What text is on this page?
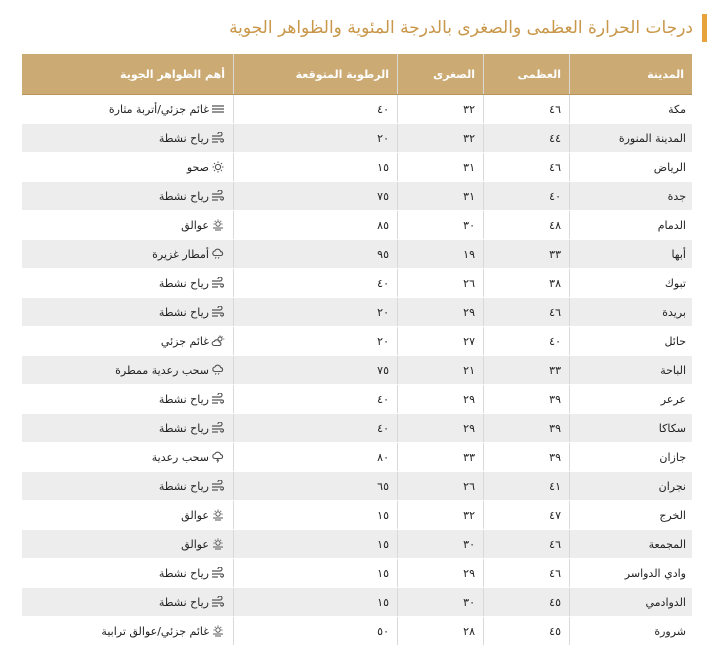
درجات الحرارة العظمى والصغرى بالدرجة المئوية والظواهر الجوية
المدينة
العظمى
الصغرى
الرطوبة المتوقعة
أهم الظواهر الجوية
مكة
٤٦
٣٢
٤٠
غائم جزئي/أتربة مثارة
المدينة المنورة
٤٤
٣٢
٢٠
رياح نشطة
الرياض
٤٦
٣١
١٥
صحو
جدة
٤٠
٣١
٧٥
رياح نشطة
الدمام
٤٨
٣٠
٨٥
عوالق
أبها
٣٣
١٩
٩٥
أمطار غزيرة
تبوك
٣٨
٢٦
٤٠
رياح نشطة
بريدة
٤٦
٢٩
٢٠
رياح نشطة
حائل
٤٠
٢٧
٢٠
غائم جزئي
الباحة
٣٣
٢١
٧٥
سحب رعدية ممطرة
عرعر
٣٩
٢٩
٤٠
رياح نشطة
سكاكا
٣٩
٢٩
٤٠
رياح نشطة
جازان
٣٩
٣٣
٨٠
سحب رعدية
نجران
٤١
٢٦
٦٥
رياح نشطة
الخرج
٤٧
٣٢
١٥
عوالق
المجمعة
٤٦
٣٠
١٥
عوالق
وادي الدواسر
٤٦
٢٩
١٥
رياح نشطة
الدوادمي
٤٥
٣٠
١٥
رياح نشطة
شرورة
٤٥
٢٨
٥٠
غائم جزئي/عوالق ترابية
